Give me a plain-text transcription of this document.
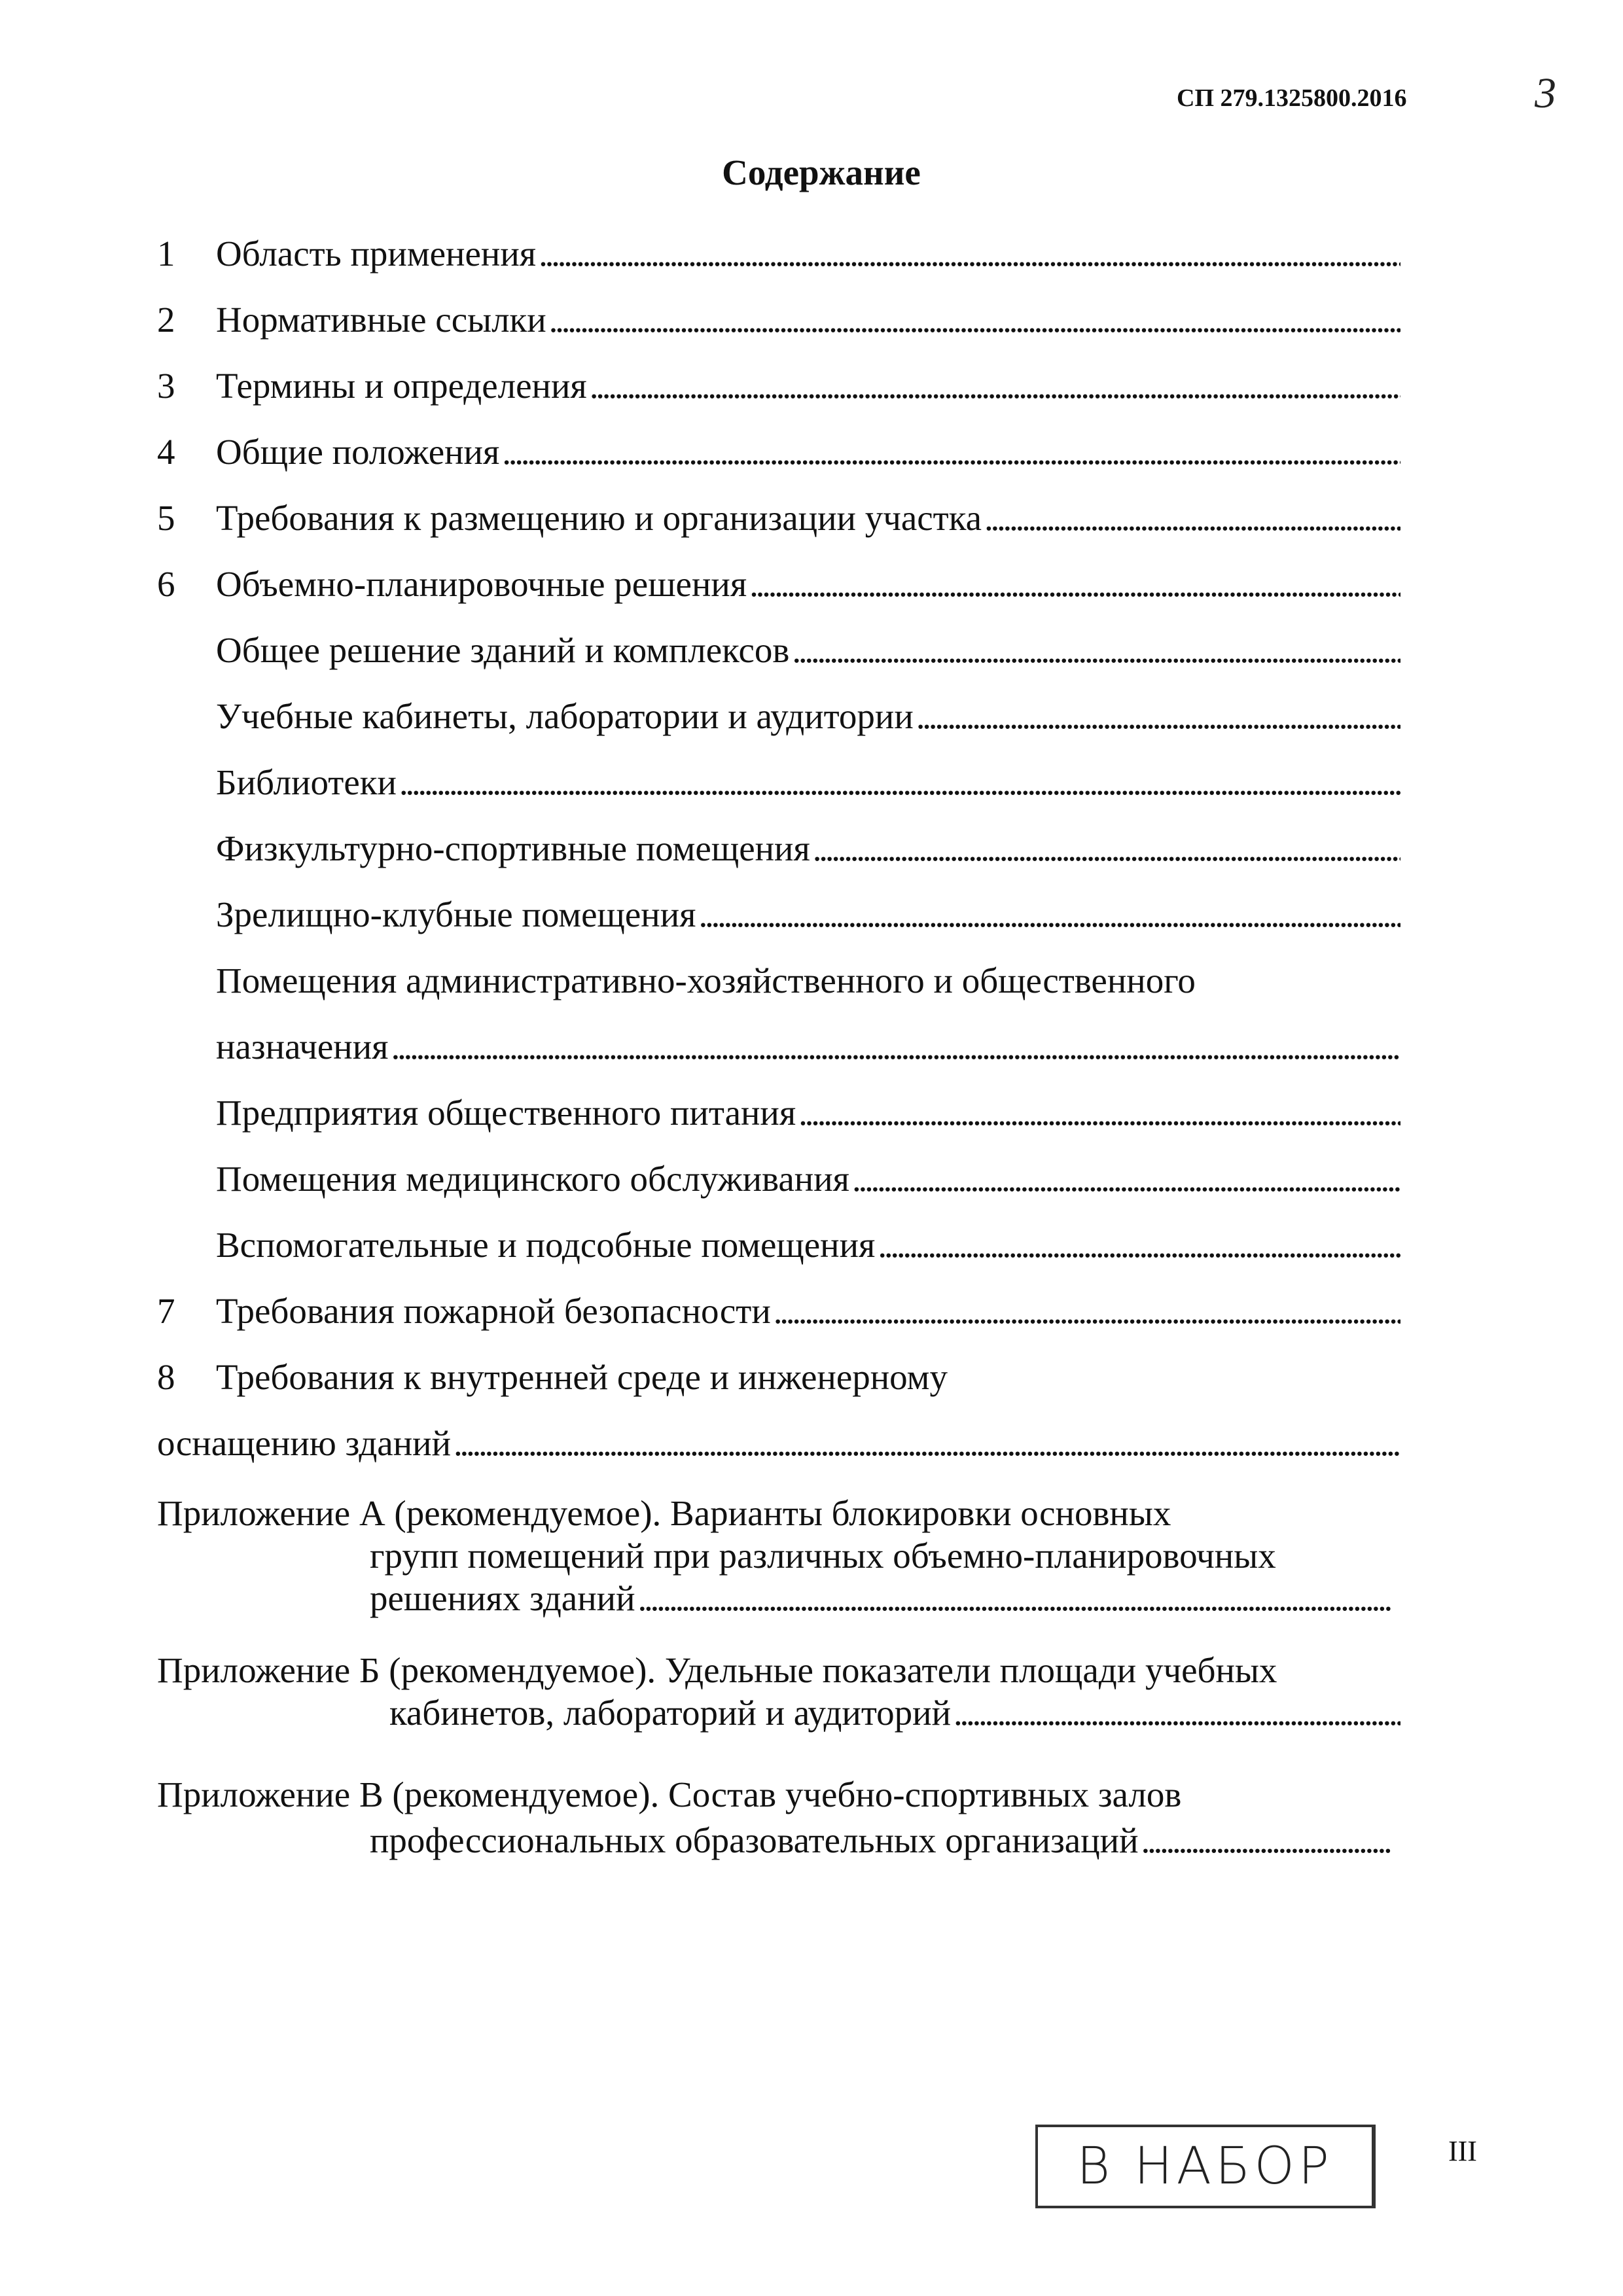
СП 279.1325800.2016	3
Содержание
1 Область применения
. . .
2 Нормативные ссылки
. . .
3 Термины и определения
. . .
4 Общие положения
. . .
5 Требования к размещению и организации участка
. . .
6 Объемно-планировочные решения
. . .
Общее решение зданий и комплексов
. . .
Учебные кабинеты, лаборатории и аудитории
. . .
Библиотеки
. . .
Физкультурно-спортивные помещения
. . .
Зрелищно-клубные помещения
. . .
Помещения административно-хозяйственного и общественного
назначения
. . .
Предприятия общественного питания
. . .
Помещения медицинского обслуживания
. . .
Вспомогательные и подсобные помещения
. . .
7 Требования пожарной безопасности
. . .
8 Требования к внутренней среде и инженерному
оснащению зданий
. . .
Приложение А (рекомендуемое). Варианты блокировки основных
групп помещений при различных объемно-планировочных
решениях зданий
. . .
Приложение Б (рекомендуемое). Удельные показатели площади учебных
кабинетов, лабораторий и аудиторий
. . .
Приложение В (рекомендуемое). Состав учебно-спортивных залов
профессиональных образовательных организаций
. . .
В НАБОР	III
